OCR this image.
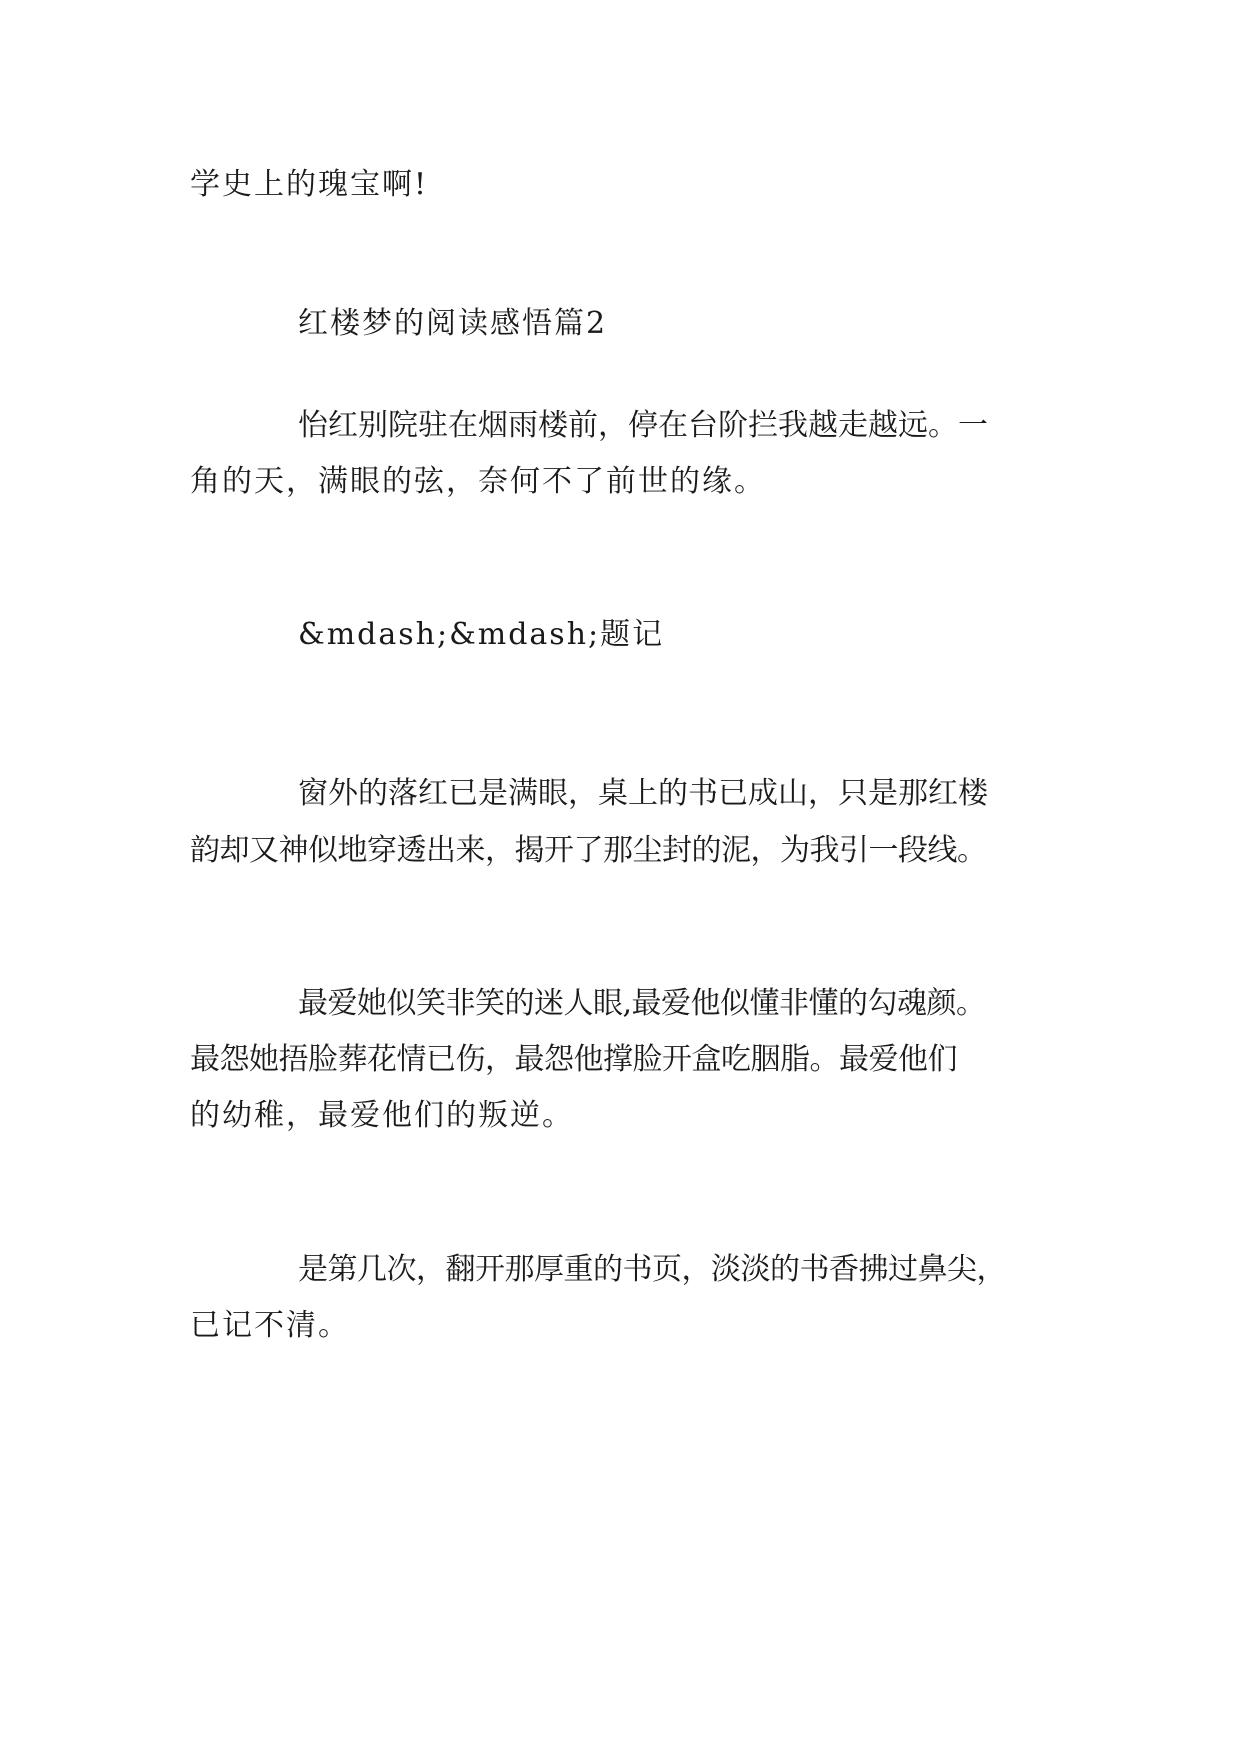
学史上的瑰宝啊!
红楼梦的阅读感悟篇2
怡红别院驻在烟雨楼前，停在台阶拦我越走越远。一
角的天，满眼的弦，奈何不了前世的缘。
&mdash;&mdash;题记
窗外的落红已是满眼，桌上的书已成山，只是那红楼
韵却又神似地穿透出来，揭开了那尘封的泥，为我引一段线。
最爱她似笑非笑的迷人眼,最爱他似懂非懂的勾魂颜。
最怨她捂脸葬花情已伤，最怨他撑脸开盒吃胭脂。最爱他们
的幼稚，最爱他们的叛逆。
是第几次，翻开那厚重的书页，淡淡的书香拂过鼻尖，
已记不清。
